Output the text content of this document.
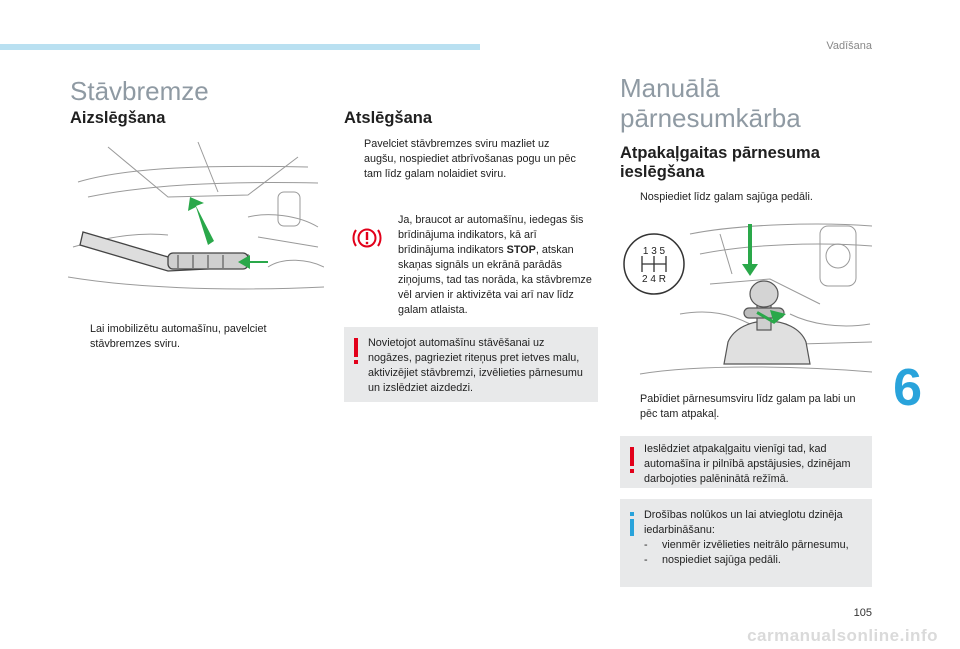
Vadīšana
Stāvbremze
Aizslēgšana
Lai imobilizētu automašīnu, pavelciet stāvbremzes sviru.
Atslēgšana
Pavelciet stāvbremzes sviru mazliet uz augšu, nospiediet atbrīvošanas pogu un pēc tam līdz galam nolaidiet sviru.
Ja, braucot ar automašīnu, iedegas šis brīdinājuma indikators, kā arī brīdinājuma indikators STOP, atskan skaņas signāls un ekrānā parādās ziņojums, tad tas norāda, ka stāvbremze vēl arvien ir aktivizēta vai arī nav līdz galam atlaista.
Novietojot automašīnu stāvēšanai uz nogāzes, pagrieziet riteņus pret ietves malu, aktivizējiet stāvbremzi, izvēlieties pārnesumu un izslēdziet aizdedzi.
Manuālā
pārnesumkārba
Atpakaļgaitas pārnesuma
ieslēgšana
Nospiediet līdz galam sajūga pedāli.
1 3 5
2 4 R
Pabīdiet pārnesumsviru līdz galam pa labi un pēc tam atpakaļ.
Ieslēdziet atpakaļgaitu vienīgi tad, kad automašīna ir pilnībā apstājusies, dzinējam darbojoties palēninātā režīmā.
Drošības nolūkos un lai atvieglotu dzinēja iedarbināšanu:
- vienmēr izvēlieties neitrālo pārnesumu,
- nospiediet sajūga pedāli.
6
105
carmanualsonline.info
